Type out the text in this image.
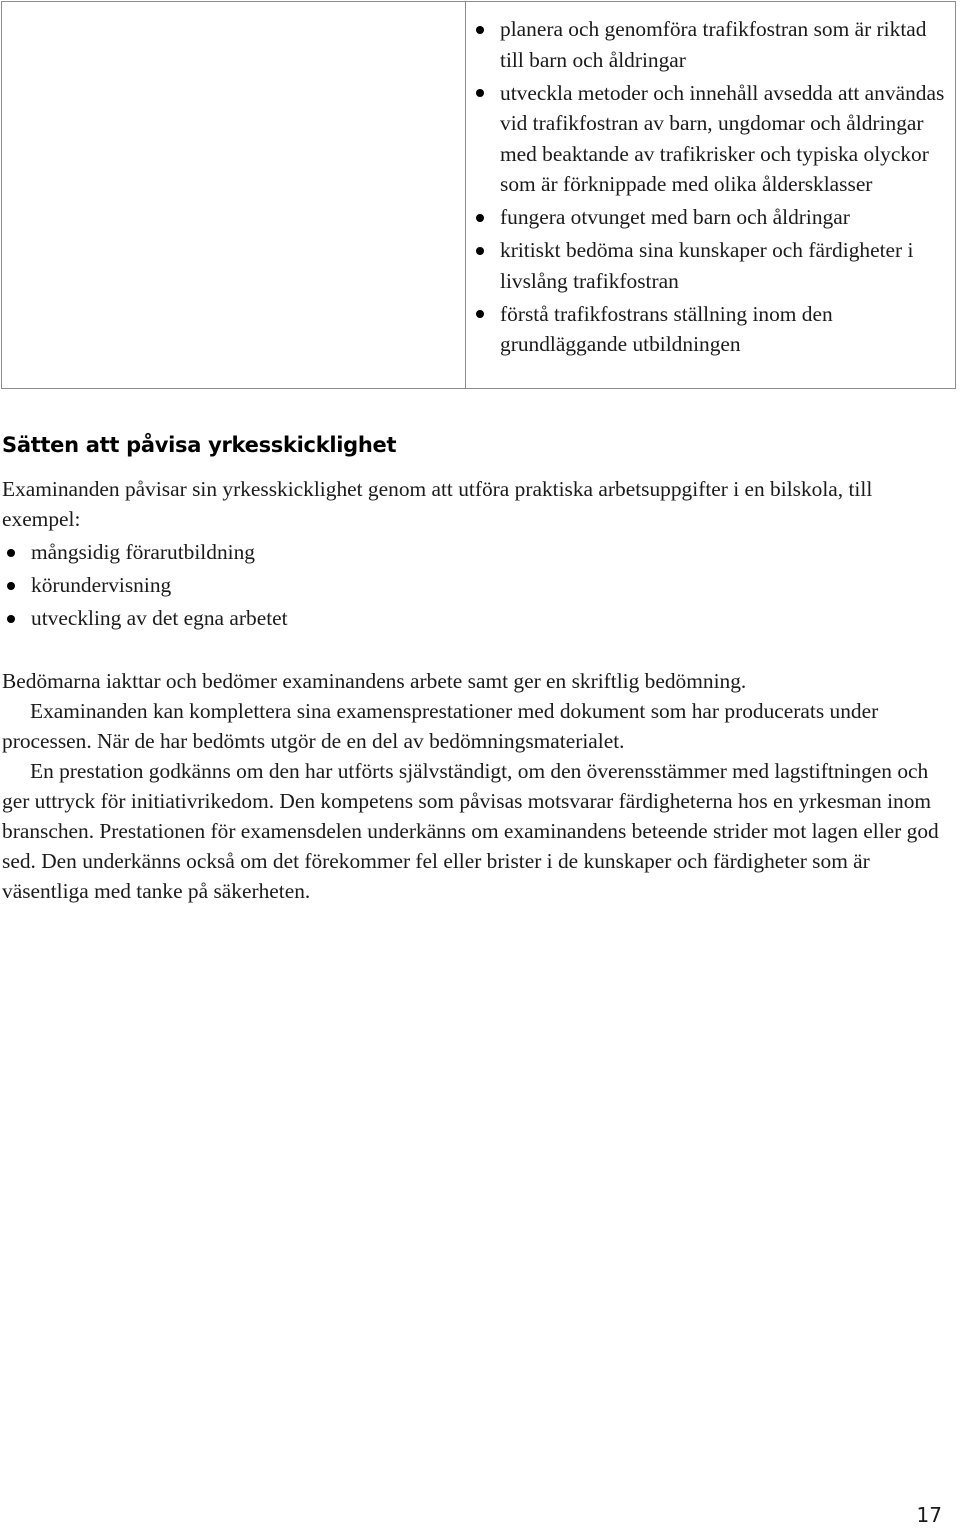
planera och genomföra trafikfostran som är riktad till barn och åldringar
utveckla metoder och innehåll avsedda att användas vid trafikfostran av barn, ungdomar och åldringar med beaktande av trafikrisker och typiska olyckor som är förknippade med olika åldersklasser
fungera otvunget med barn och åldringar
kritiskt bedöma sina kunskaper och färdigheter i livslång trafikfostran
förstå trafikfostrans ställning inom den grundläggande utbildningen
Sätten att påvisa yrkesskicklighet

Examinanden påvisar sin yrkesskicklighet genom att utföra praktiska arbetsuppgifter i en bilskola, till exempel:

mångsidig förarutbildning
körundervisning
utveckling av det egna arbetet
Bedömarna iakttar och bedömer examinandens arbete samt ger en skriftlig bedömning.
Examinanden kan komplettera sina examensprestationer med dokument som har producerats under processen. När de har bedömts utgör de en del av bedömningsmaterialet.
En prestation godkänns om den har utförts självständigt, om den överensstämmer med lagstiftningen och ger uttryck för initiativrikedom. Den kompetens som påvisas motsvarar färdigheterna hos en yrkesman inom branschen. Prestationen för examensdelen underkänns om examinandens beteende strider mot lagen eller god sed. Den underkänns också om det förekommer fel eller brister i de kunskaper och färdigheter som är väsentliga med tanke på säkerheten.
17
